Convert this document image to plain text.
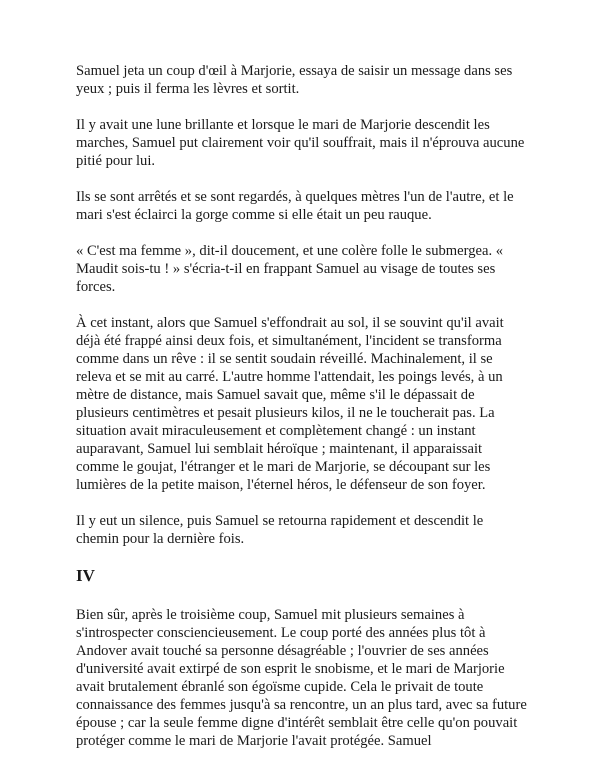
Samuel jeta un coup d'œil à Marjorie, essaya de saisir un message dans ses yeux ; puis il ferma les lèvres et sortit.

Il y avait une lune brillante et lorsque le mari de Marjorie descendit les marches, Samuel put clairement voir qu'il souffrait, mais il n'éprouva aucune pitié pour lui.

Ils se sont arrêtés et se sont regardés, à quelques mètres l'un de l'autre, et le mari s'est éclairci la gorge comme si elle était un peu rauque.

« C'est ma femme », dit-il doucement, et une colère folle le submergea. « Maudit sois-tu ! » s'écria-t-il en frappant Samuel au visage de toutes ses forces.

À cet instant, alors que Samuel s'effondrait au sol, il se souvint qu'il avait déjà été frappé ainsi deux fois, et simultanément, l'incident se transforma comme dans un rêve : il se sentit soudain réveillé. Machinalement, il se releva et se mit au carré. L'autre homme l'attendait, les poings levés, à un mètre de distance, mais Samuel savait que, même s'il le dépassait de plusieurs centimètres et pesait plusieurs kilos, il ne le toucherait pas. La situation avait miraculeusement et complètement changé : un instant auparavant, Samuel lui semblait héroïque ; maintenant, il apparaissait comme le goujat, l'étranger et le mari de Marjorie, se découpant sur les lumières de la petite maison, l'éternel héros, le défenseur de son foyer.

Il y eut un silence, puis Samuel se retourna rapidement et descendit le chemin pour la dernière fois.

IV

Bien sûr, après le troisième coup, Samuel mit plusieurs semaines à s'introspecter consciencieusement. Le coup porté des années plus tôt à Andover avait touché sa personne désagréable ; l'ouvrier de ses années d'université avait extirpé de son esprit le snobisme, et le mari de Marjorie avait brutalement ébranlé son égoïsme cupide. Cela le privait de toute connaissance des femmes jusqu'à sa rencontre, un an plus tard, avec sa future épouse ; car la seule femme digne d'intérêt semblait être celle qu'on pouvait protéger comme le mari de Marjorie l'avait protégée. Samuel
